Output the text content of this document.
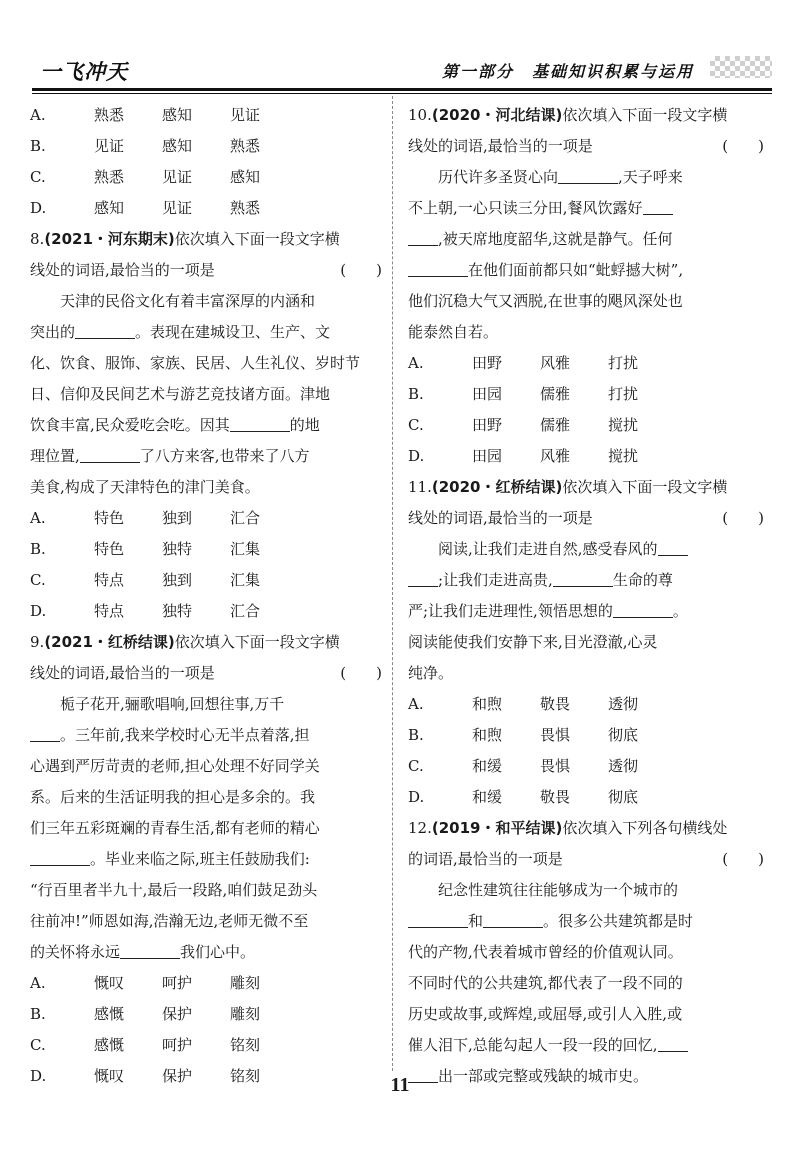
一飞冲天	第一部分　基础知识积累与运用

A.	熟悉	感知	见证

B.	见证	感知	熟悉

C.	熟悉	见证	感知

D.	感知	见证	熟悉

8.(2021・河东期末)依次填入下面一段文字横

线处的词语,最恰当的一项是	(　　)

天津的民俗文化有着丰富深厚的内涵和

突出的	。表现在建城设卫、生产、文

化、饮食、服饰、家族、民居、人生礼仪、岁时节

日、信仰及民间艺术与游艺竞技诸方面。津地

饮食丰富,民众爱吃会吃。因其	的地

理位置,	了八方来客,也带来了八方

美食,构成了天津特色的津门美食。

A.	特色	独到	汇合

B.	特色	独特	汇集

C.	特点	独到	汇集

D.	特点	独特	汇合

9.(2021・红桥结课)依次填入下面一段文字横

线处的词语,最恰当的一项是	(　　)

栀子花开,骊歌唱响,回想往事,万千

。三年前,我来学校时心无半点着落,担

心遇到严厉苛责的老师,担心处理不好同学关

系。后来的生活证明我的担心是多余的。我

们三年五彩斑斓的青春生活,都有老师的精心

。毕业来临之际,班主任鼓励我们:

“行百里者半九十,最后一段路,咱们鼓足劲头

往前冲!”师恩如海,浩瀚无边,老师无微不至

的关怀将永远	我们心中。

A.	慨叹	呵护	雕刻

B.	感慨	保护	雕刻

C.	感慨	呵护	铭刻

D.	慨叹	保护	铭刻

10.(2020・河北结课)依次填入下面一段文字横

线处的词语,最恰当的一项是	(　　)

历代许多圣贤心向	,天子呼来

不上朝,一心只读三分田,餐风饮露好

,被天席地度韶华,这就是静气。任何

在他们面前都只如“蚍蜉撼大树”,

他们沉稳大气又洒脱,在世事的飓风深处也

能泰然自若。

A.	田野	风雅	打扰

B.	田园	儒雅	打扰

C.	田野	儒雅	搅扰

D.	田园	风雅	搅扰

11.(2020・红桥结课)依次填入下面一段文字横

线处的词语,最恰当的一项是	(　　)

阅读,让我们走进自然,感受春风的

;让我们走进高贵,	生命的尊

严;让我们走进理性,领悟思想的	。

阅读能使我们安静下来,目光澄澈,心灵

纯净。

A.	和煦	敬畏	透彻

B.	和煦	畏惧	彻底

C.	和缓	畏惧	透彻

D.	和缓	敬畏	彻底

12.(2019・和平结课)依次填入下列各句横线处

的词语,最恰当的一项是	(　　)

纪念性建筑往往能够成为一个城市的

和	。很多公共建筑都是时

代的产物,代表着城市曾经的价值观认同。

不同时代的公共建筑,都代表了一段不同的

历史或故事,或辉煌,或屈辱,或引人入胜,或

催人泪下,总能勾起人一段一段的回忆,

出一部或完整或残缺的城市史。

11
